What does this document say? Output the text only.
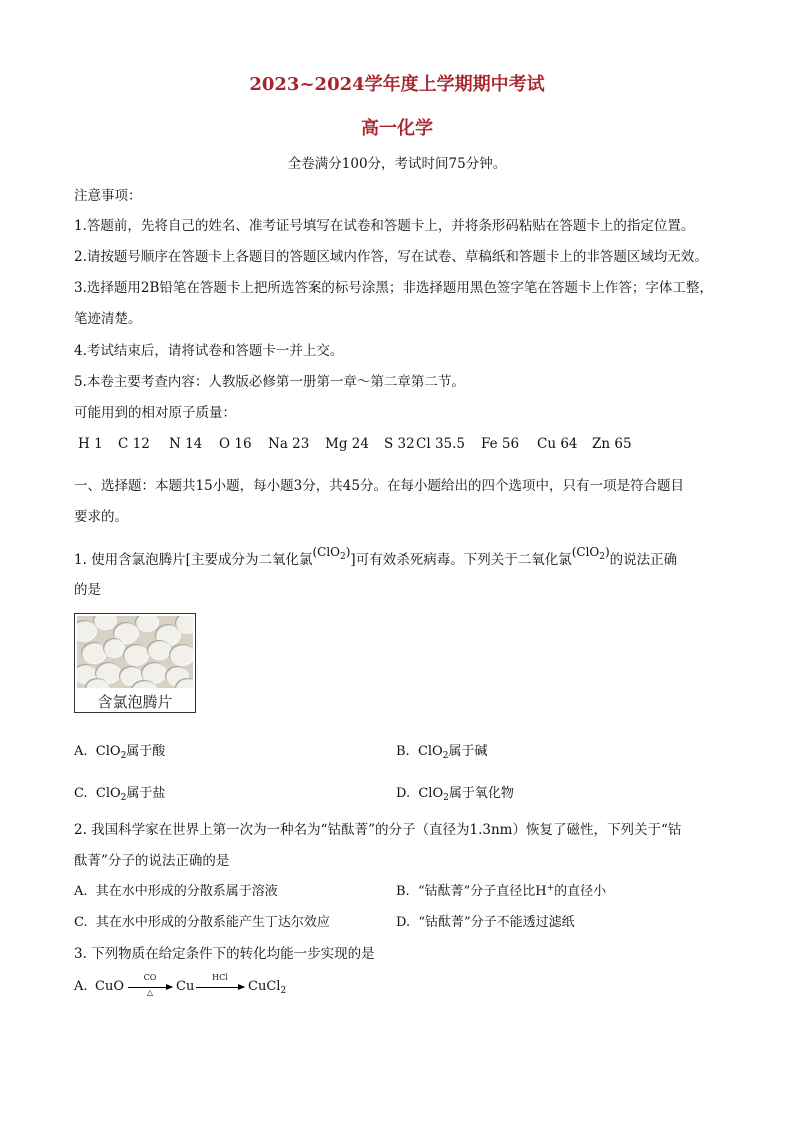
2023~2024学年度上学期期中考试
高一化学
全卷满分100分，考试时间75分钟。
注意事项：
1.答题前，先将自己的姓名、准考证号填写在试卷和答题卡上，并将条形码粘贴在答题卡上的指定位置。
2.请按题号顺序在答题卡上各题目的答题区域内作答，写在试卷、草稿纸和答题卡上的非答题区域均无效。
3.选择题用2B铅笔在答题卡上把所选答案的标号涂黑；非选择题用黑色签字笔在答题卡上作答；字体工整，
笔迹清楚。
4.考试结束后，请将试卷和答题卡一并上交。
5.本卷主要考查内容：人教版必修第一册第一章～第二章第二节。
可能用到的相对原子质量：
H 1 C 12 N 14 O 16 Na 23 Mg 24 S 32 Cl 35.5 Fe 56 Cu 64 Zn 65
一、选择题：本题共15小题，每小题3分，共45分。在每小题给出的四个选项中，只有一项是符合题目
要求的。
1. 使用含氯泡腾片[主要成分为二氧化氯(ClO$_2$)]可有效杀死病毒。下列关于二氧化氯(ClO$_2$)的说法正确
的是
含氯泡腾片
A. ClO$_2$属于酸	B. ClO$_2$属于碱
C. ClO$_2$属于盐	D. ClO$_2$属于氧化物
2. 我国科学家在世界上第一次为一种名为“钴酞菁”的分子（直径为1.3nm）恢复了磁性，下列关于“钴
酞菁”分子的说法正确的是
A. 其在水中形成的分散系属于溶液	B. “钴酞菁”分子直径比H+的直径小
C. 其在水中形成的分散系能产生丁达尔效应	D. “钴酞菁”分子不能透过滤纸
3. 下列物质在给定条件下的转化均能一步实现的是
A. CuO
CO
△	Cu
HCl
→ CuCl$_2$
